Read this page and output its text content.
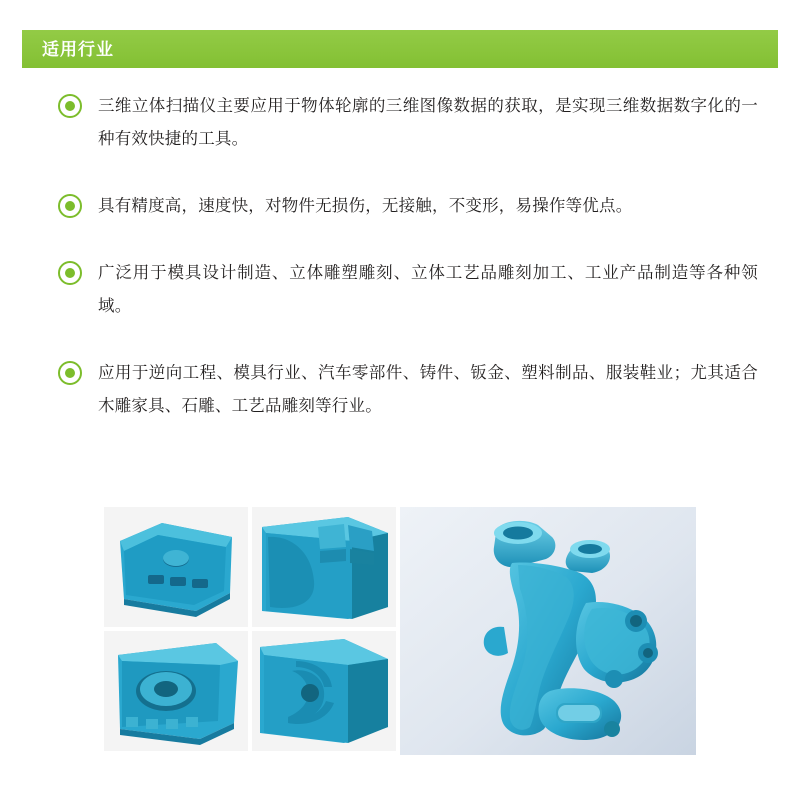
适用行业
三维立体扫描仪主要应用于物体轮廓的三维图像数据的获取，是实现三维数据数字化的一种有效快捷的工具。
具有精度高，速度快，对物件无损伤，无接触，不变形，易操作等优点。
广泛用于模具设计制造、立体雕塑雕刻、立体工艺品雕刻加工、工业产品制造等各种领域。
应用于逆向工程、模具行业、汽车零部件、铸件、钣金、塑料制品、服装鞋业；尤其适合木雕家具、石雕、工艺品雕刻等行业。
